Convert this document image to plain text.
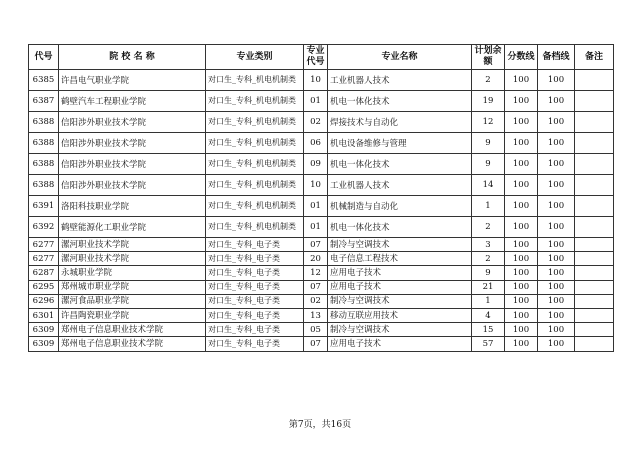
代号	院 校 名 称	专业类别	专业代号	专业名称	计划余额	分数线	备档线	备注
6385	许昌电气职业学院	对口生_专科_机电机制类	10	工业机器人技术	2	100	100	
6387	鹤壁汽车工程职业学院	对口生_专科_机电机制类	01	机电一体化技术	19	100	100	
6388	信阳涉外职业技术学院	对口生_专科_机电机制类	02	焊接技术与自动化	12	100	100	
6388	信阳涉外职业技术学院	对口生_专科_机电机制类	06	机电设备维修与管理	9	100	100	
6388	信阳涉外职业技术学院	对口生_专科_机电机制类	09	机电一体化技术	9	100	100	
6388	信阳涉外职业技术学院	对口生_专科_机电机制类	10	工业机器人技术	14	100	100	
6391	洛阳科技职业学院	对口生_专科_机电机制类	01	机械制造与自动化	1	100	100	
6392	鹤壁能源化工职业学院	对口生_专科_机电机制类	01	机电一体化技术	2	100	100	
6277	漯河职业技术学院	对口生_专科_电子类	07	制冷与空调技术	3	100	100	
6277	漯河职业技术学院	对口生_专科_电子类	20	电子信息工程技术	2	100	100	
6287	永城职业学院	对口生_专科_电子类	12	应用电子技术	9	100	100	
6295	郑州城市职业学院	对口生_专科_电子类	07	应用电子技术	21	100	100	
6296	漯河食品职业学院	对口生_专科_电子类	02	制冷与空调技术	1	100	100	
6301	许昌陶瓷职业学院	对口生_专科_电子类	13	移动互联应用技术	4	100	100	
6309	郑州电子信息职业技术学院	对口生_专科_电子类	05	制冷与空调技术	15	100	100	
6309	郑州电子信息职业技术学院	对口生_专科_电子类	07	应用电子技术	57	100	100	
第7页，共16页
